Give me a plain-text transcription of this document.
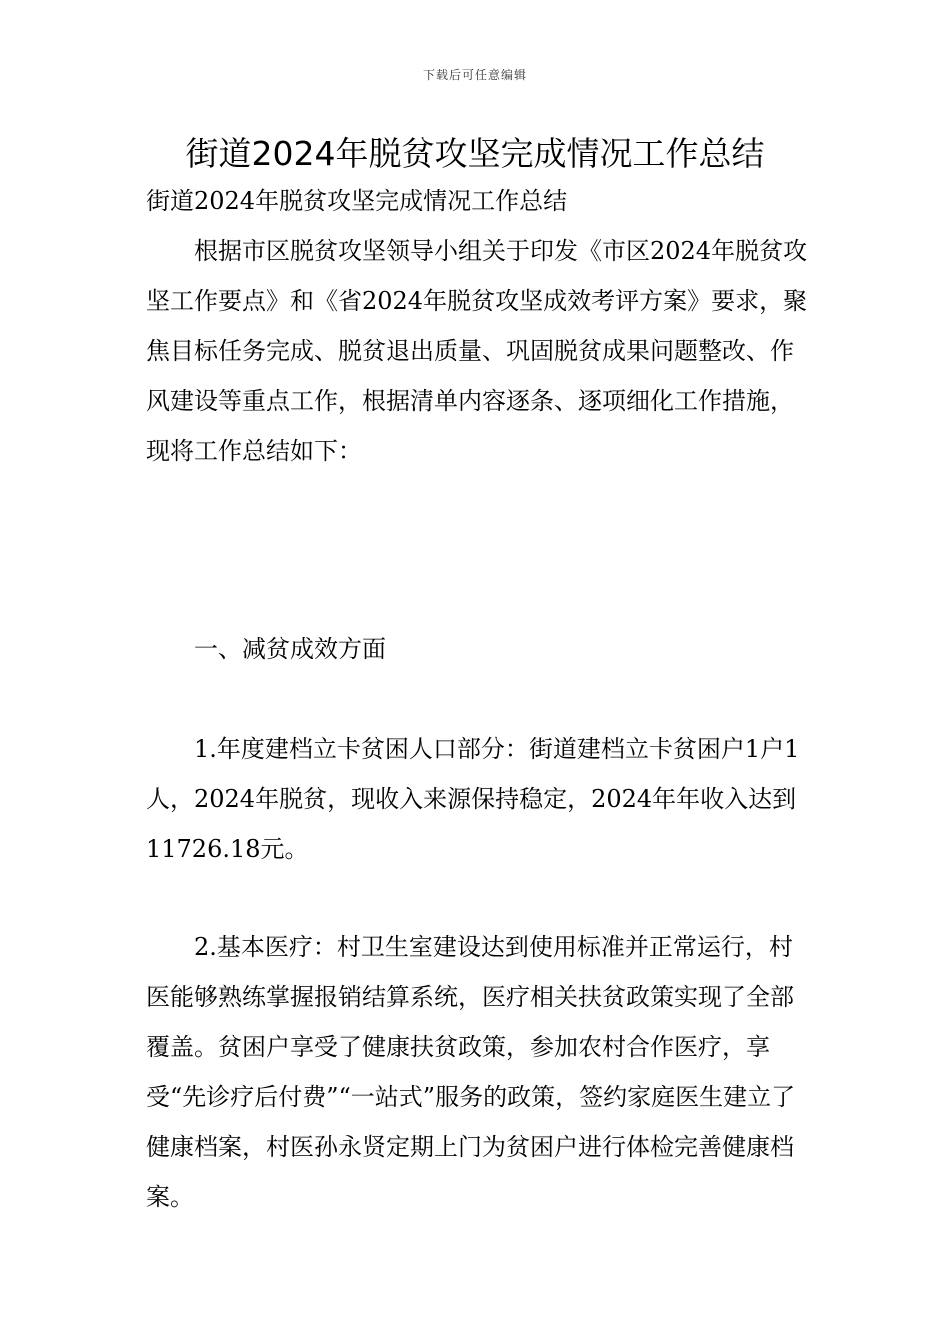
下载后可任意编辑
街道2024年脱贫攻坚完成情况工作总结

街道2024年脱贫攻坚完成情况工作总结

根据市区脱贫攻坚领导小组关于印发《市区2024年脱贫攻坚工作要点》和《省2024年脱贫攻坚成效考评方案》要求，聚焦目标任务完成、脱贫退出质量、巩固脱贫成果问题整改、作风建设等重点工作，根据清单内容逐条、逐项细化工作措施，现将工作总结如下：

一、减贫成效方面

1.年度建档立卡贫困人口部分：街道建档立卡贫困户1户1人，2024年脱贫，现收入来源保持稳定，2024年年收入达到11726.18元。

2.基本医疗：村卫生室建设达到使用标准并正常运行，村医能够熟练掌握报销结算系统，医疗相关扶贫政策实现了全部覆盖。贫困户享受了健康扶贫政策，参加农村合作医疗，享受“先诊疗后付费”“一站式”服务的政策，签约家庭医生建立了健康档案，村医孙永贤定期上门为贫困户进行体检完善健康档案。
